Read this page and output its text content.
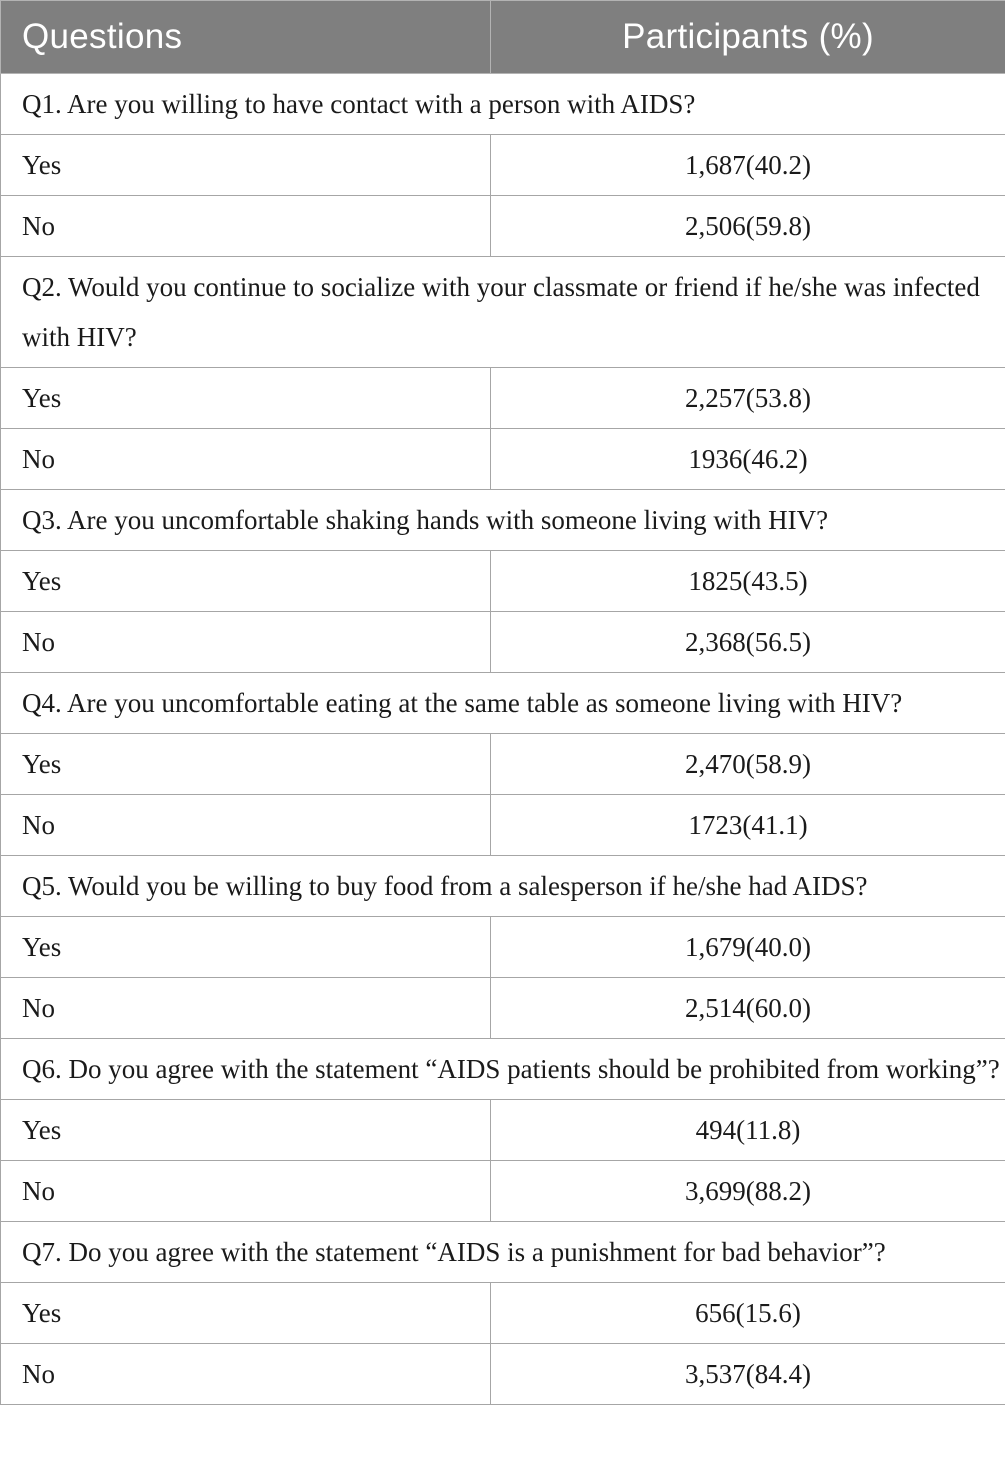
Questions	Participants (%)
Q1. Are you willing to have contact with a person with AIDS?	
Yes	1,687(40.2)
No	2,506(59.8)
Q2. Would you continue to socialize with your classmate or friend if he/she was infected with HIV?	
Yes	2,257(53.8)
No	1936(46.2)
Q3. Are you uncomfortable shaking hands with someone living with HIV?	
Yes	1825(43.5)
No	2,368(56.5)
Q4. Are you uncomfortable eating at the same table as someone living with HIV?	
Yes	2,470(58.9)
No	1723(41.1)
Q5. Would you be willing to buy food from a salesperson if he/she had AIDS?	
Yes	1,679(40.0)
No	2,514(60.0)
Q6. Do you agree with the statement “AIDS patients should be prohibited from working”?	
Yes	494(11.8)
No	3,699(88.2)
Q7. Do you agree with the statement “AIDS is a punishment for bad behavior”?	
Yes	656(15.6)
No	3,537(84.4)
